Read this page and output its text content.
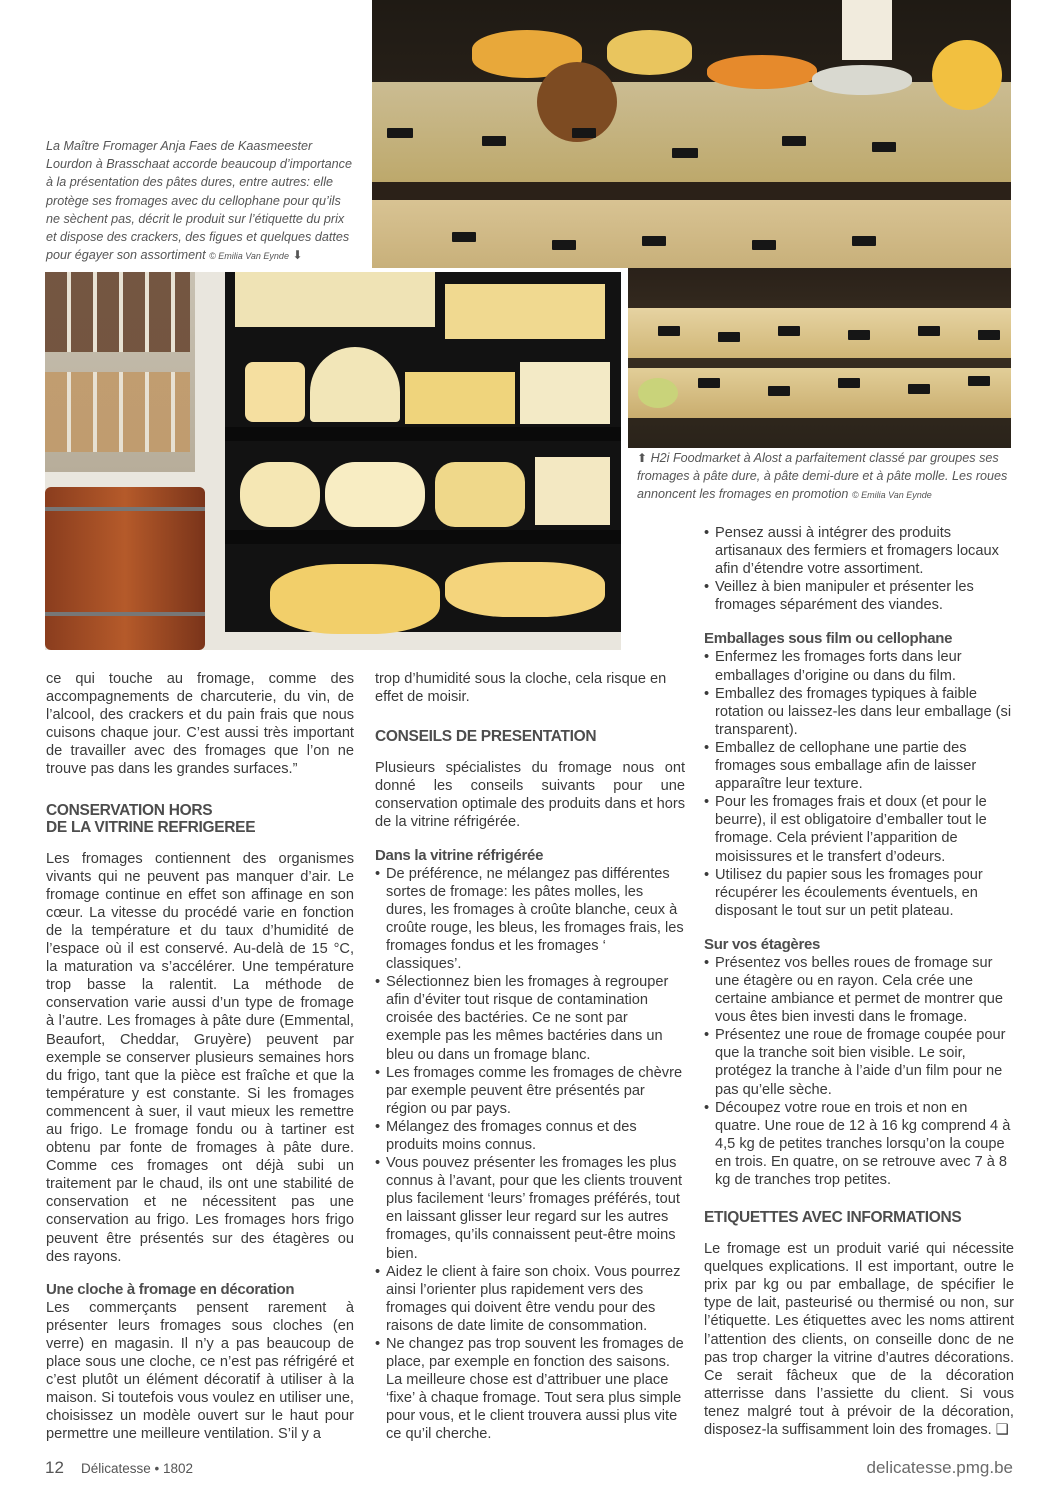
La Maître Fromager Anja Faes de Kaasmeester Lourdon à Brasschaat accorde beaucoup d’importance à la présentation des pâtes dures, entre autres: elle protège ses fromages avec du cellophane pour qu’ils ne sèchent pas, décrit le produit sur l’étiquette du prix et dispose des crackers, des figues et quelques dattes pour égayer son assortiment © Emilia Van Eynde ⬇
⬆ H2i Foodmarket à Alost a parfaitement classé par groupes ses fromages à pâte dure, à pâte demi-dure et à pâte molle. Les roues annoncent les fromages en promotion © Emilia Van Eynde

ce qui touche au fromage, comme des accompagnements de charcuterie, du vin, de l’alcool, des crackers et du pain frais que nous cuisons chaque jour. C’est aussi très important de travailler avec des fromages que l’on ne trouve pas dans les grandes surfaces.”

CONSERVATION HORS

DE LA VITRINE REFRIGEREE

Les fromages contiennent des organismes vivants qui ne peuvent pas manquer d’air. Le fromage continue en effet son affinage en son cœur. La vitesse du procédé varie en fonction de la température et du taux d’humidité de l’espace où il est conservé. Au-delà de 15 °C, la maturation va s’accélérer. Une température trop basse la ralentit. La méthode de conservation varie aussi d’un type de fromage à l’autre. Les fromages à pâte dure (Emmental, Beaufort, Cheddar, Gruyère) peuvent par exemple se conserver plusieurs semaines hors du frigo, tant que la pièce est fraîche et que la température y est constante. Si les fromages commencent à suer, il vaut mieux les remettre au frigo. Le fromage fondu ou à tartiner est obtenu par fonte de fromages à pâte dure. Comme ces fromages ont déjà subi un traitement par le chaud, ils ont une stabilité de conservation et ne nécessitent pas une conservation au frigo. Les fromages hors frigo peuvent être présentés sur des étagères ou des rayons.

Une cloche à fromage en décoration

Les commerçants pensent rarement à présenter leurs fromages sous cloches (en verre) en magasin. Il n’y a pas beaucoup de place sous une cloche, ce n’est pas réfrigéré et c’est plutôt un élément décoratif à utiliser à la maison. Si toutefois vous voulez en utiliser une, choisissez un modèle ouvert sur le haut pour permettre une meilleure ventilation. S’il y a

trop d’humidité sous la cloche, cela risque en effet de moisir.

CONSEILS DE PRESENTATION

Plusieurs spécialistes du fromage nous ont donné les conseils suivants pour une conservation optimale des produits dans et hors de la vitrine réfrigérée.

Dans la vitrine réfrigérée

• De préférence, ne mélangez pas différentes sortes de fromage: les pâtes molles, les dures, les fromages à croûte blanche, ceux à croûte rouge, les bleus, les fromages frais, les fromages fondus et les fromages ‘ classiques’.
• Sélectionnez bien les fromages à regrouper afin d’éviter tout risque de contamination croisée des bactéries. Ce ne sont par exemple pas les mêmes bactéries dans un bleu ou dans un fromage blanc.
• Les fromages comme les fromages de chèvre par exemple peuvent être présentés par région ou par pays.
• Mélangez des fromages connus et des produits moins connus.
• Vous pouvez présenter les fromages les plus connus à l’avant, pour que les clients trouvent plus facilement ‘leurs’ fromages préférés, tout en laissant glisser leur regard sur les autres fromages, qu’ils connaissent peut-être moins bien.
• Aidez le client à faire son choix. Vous pourrez ainsi l’orienter plus rapidement vers des fromages qui doivent être vendu pour des raisons de date limite de consommation.
• Ne changez pas trop souvent les fromages de place, par exemple en fonction des saisons. La meilleure chose est d’attribuer une place ‘fixe’ à chaque fromage. Tout sera plus simple pour vous, et le client trouvera aussi plus vite ce qu’il cherche.
• Pensez aussi à intégrer des produits artisanaux des fermiers et fromagers locaux afin d’étendre votre assortiment.
• Veillez à bien manipuler et présenter les fromages séparément des viandes.

Emballages sous film ou cellophane

• Enfermez les fromages forts dans leur emballages d’origine ou dans du film.
• Emballez des fromages typiques à faible rotation ou laissez-les dans leur emballage (si transparent).
• Emballez de cellophane une partie des fromages sous emballage afin de laisser apparaître leur texture.
• Pour les fromages frais et doux (et pour le beurre), il est obligatoire d’emballer tout le fromage. Cela prévient l’apparition de moisissures et le transfert d’odeurs.
• Utilisez du papier sous les fromages pour récupérer les écoulements éventuels, en disposant le tout sur un petit plateau.

Sur vos étagères

• Présentez vos belles roues de fromage sur une étagère ou en rayon. Cela crée une certaine ambiance et permet de montrer que vous êtes bien investi dans le fromage.
• Présentez une roue de fromage coupée pour que la tranche soit bien visible. Le soir, protégez la tranche à l’aide d’un film pour ne pas qu’elle sèche.
• Découpez votre roue en trois et non en quatre. Une roue de 12 à 16 kg comprend 4 à 4,5 kg de petites tranches lorsqu’on la coupe en trois. En quatre, on se retrouve avec 7 à 8 kg de tranches trop petites.

ETIQUETTES AVEC INFORMATIONS

Le fromage est un produit varié qui nécessite quelques explications. Il est important, outre le prix par kg ou par emballage, de spécifier le type de lait, pasteurisé ou thermisé ou non, sur l’étiquette. Les étiquettes avec les noms attirent l’attention des clients, on conseille donc de ne pas trop charger la vitrine d’autres décorations. Ce serait fâcheux que de la décoration atterrisse dans l’assiette du client. Si vous tenez malgré tout à prévoir de la décoration, disposez-la suffisamment loin des fromages. ❑

12 Délicatesse • 1802	delicatesse.pmg.be
